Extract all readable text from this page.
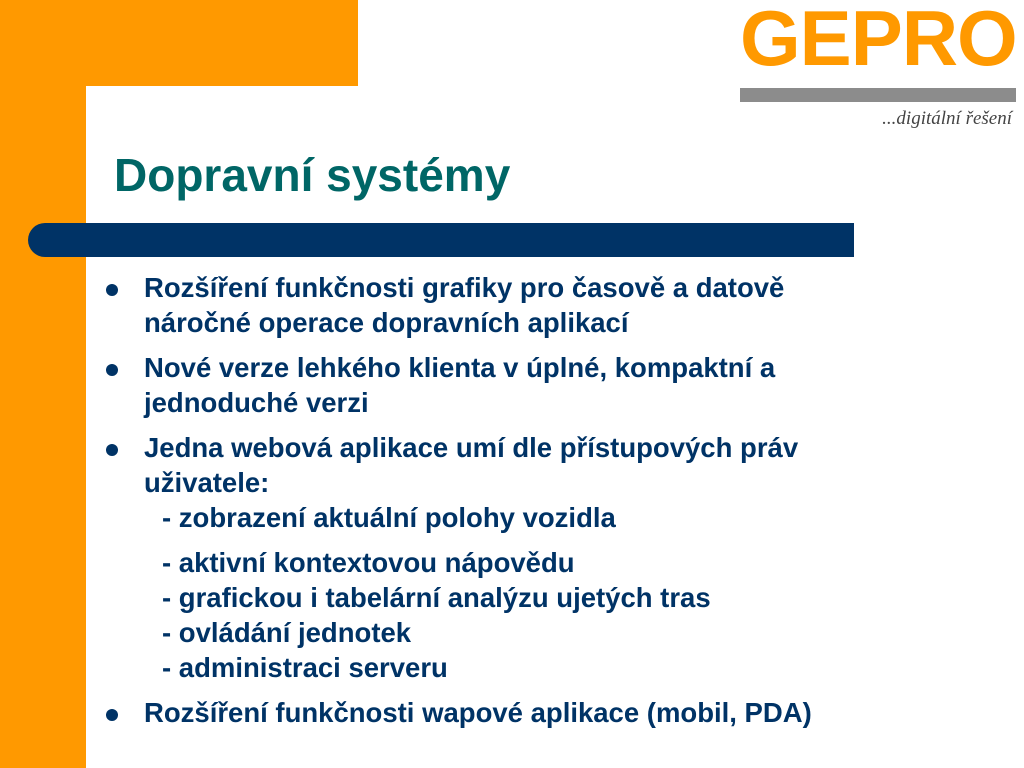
GEPRO
...digitální řešení
Dopravní systémy
Rozšíření funkčnosti grafiky pro časově a datově
náročné operace dopravních aplikací
Nové verze lehkého klienta v úplné, kompaktní a
jednoduché verzi
Jedna webová aplikace umí dle přístupových práv
uživatele:
- zobrazení aktuální polohy vozidla
- aktivní kontextovou nápovědu
- grafickou i tabelární analýzu ujetých tras
- ovládání jednotek
- administraci serveru
Rozšíření funkčnosti wapové aplikace (mobil, PDA)
